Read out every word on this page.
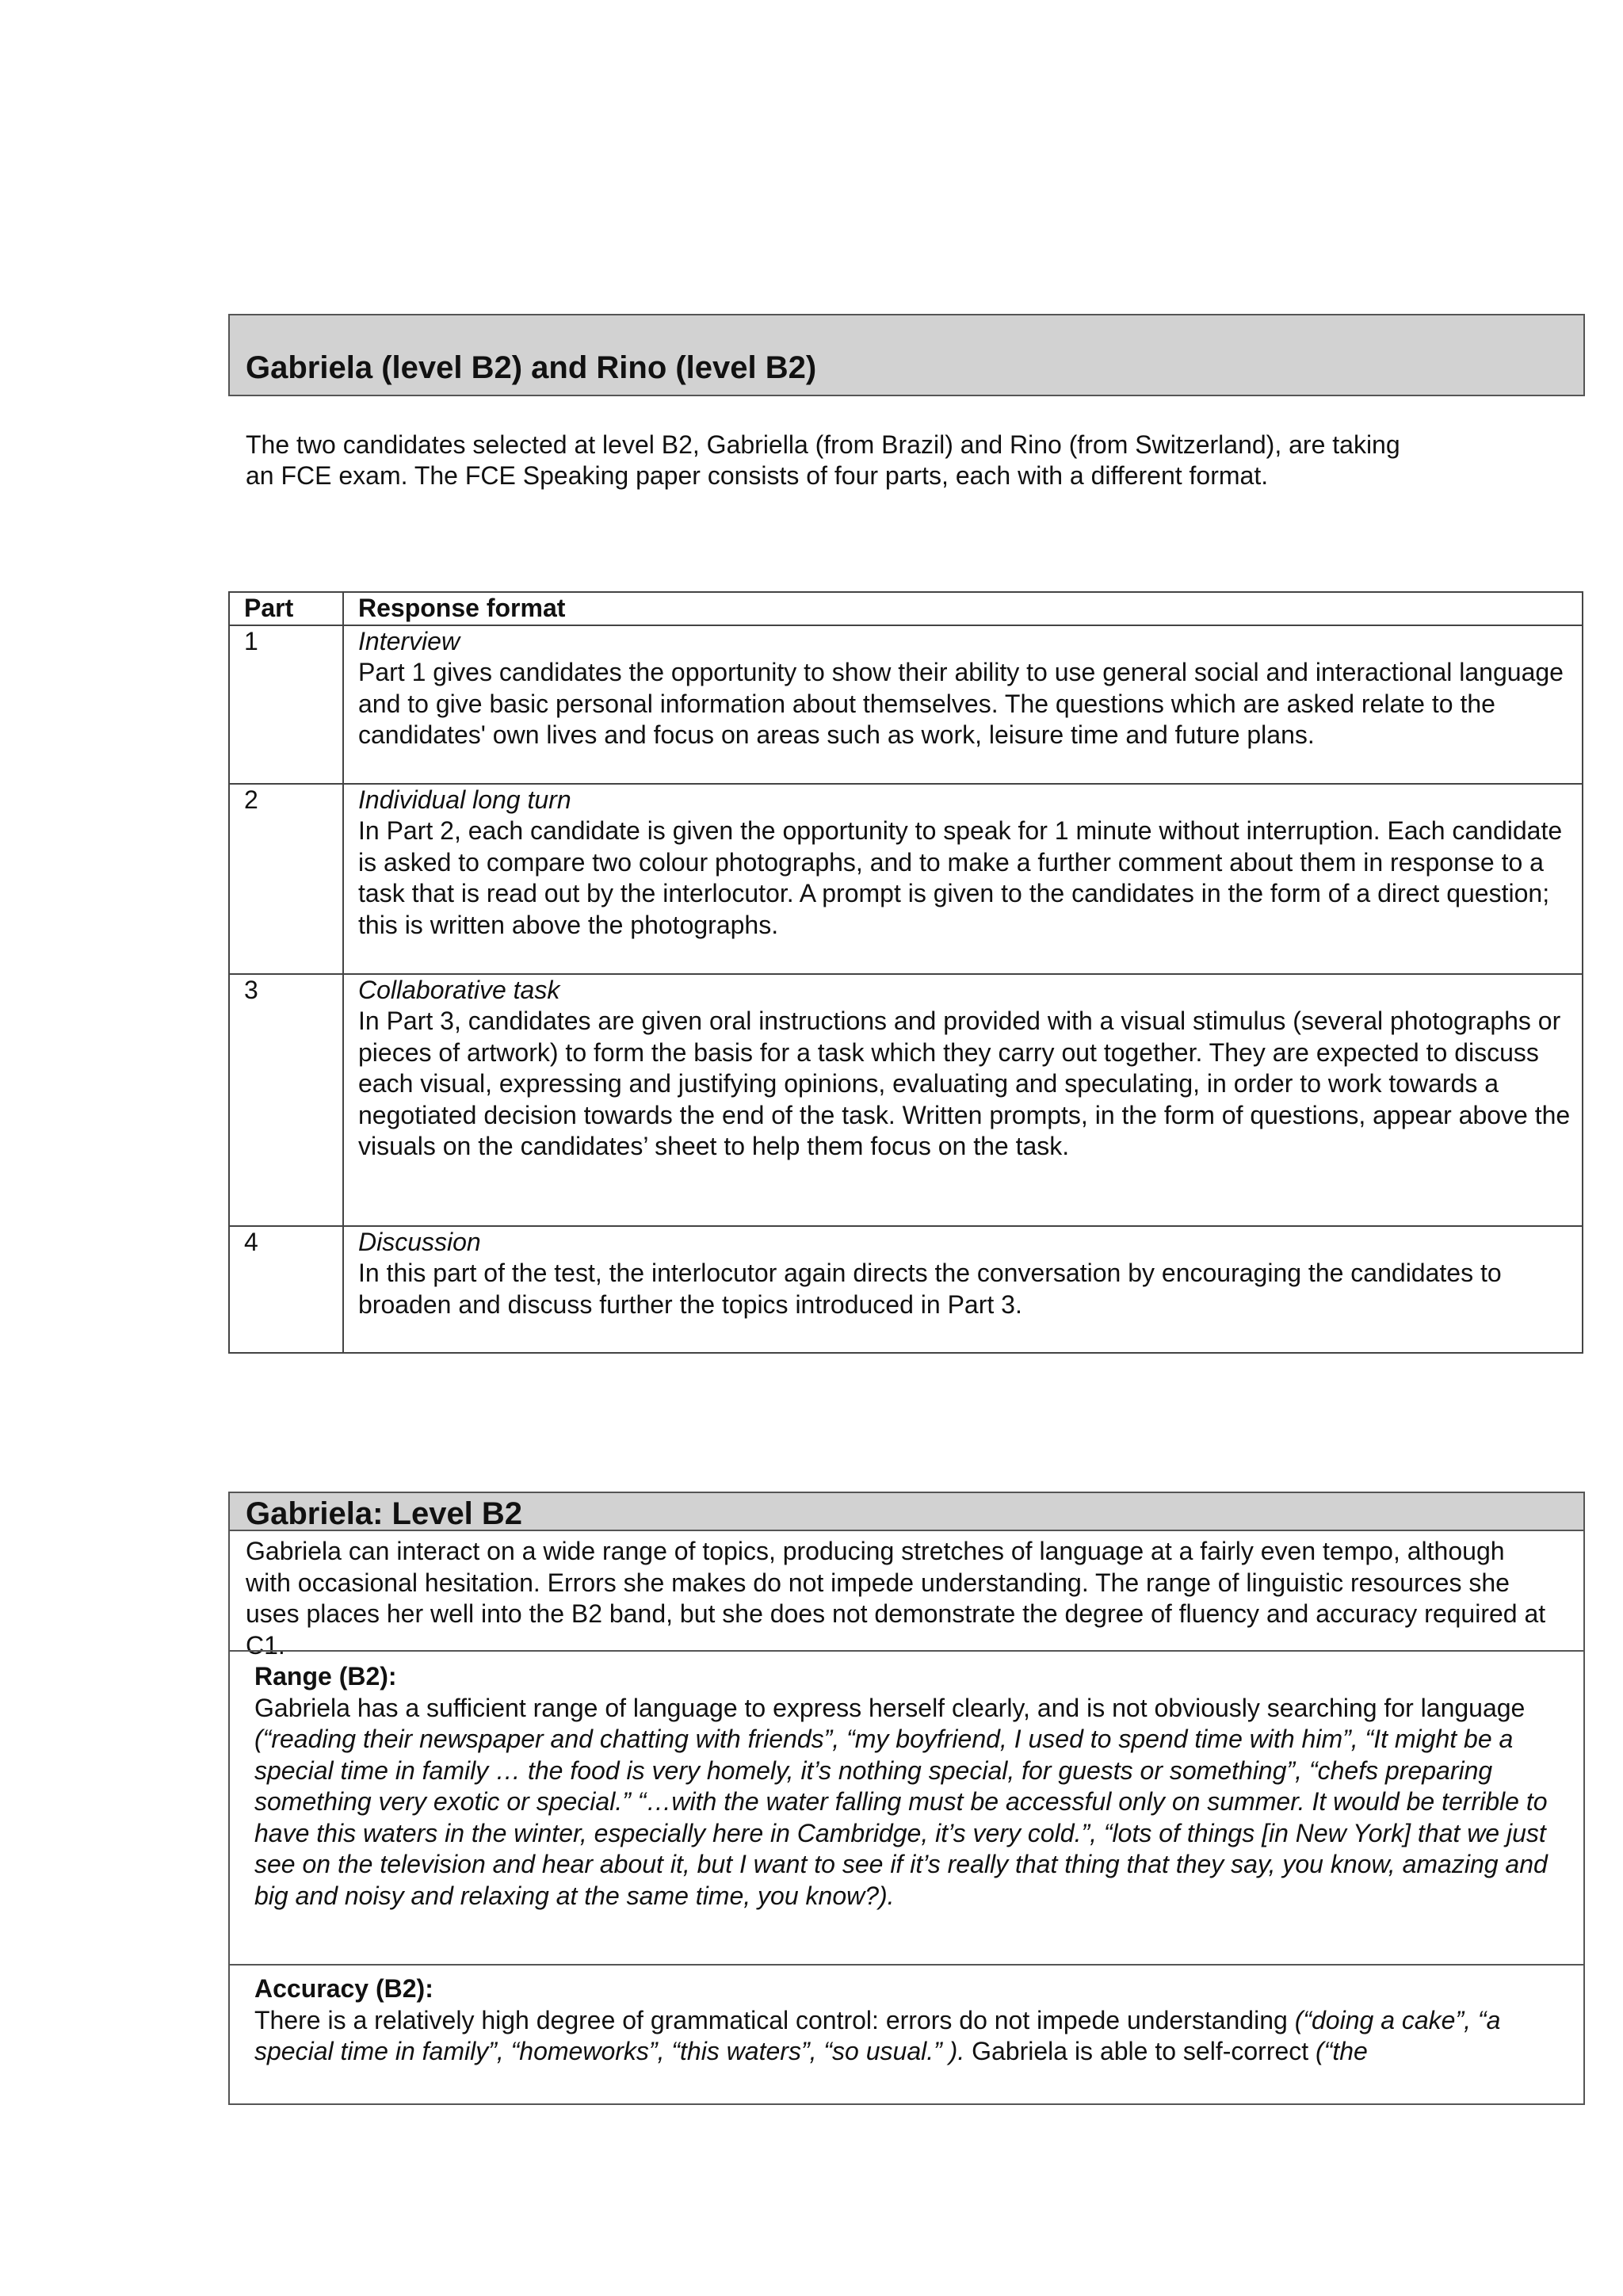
Gabriela (level B2) and Rino (level B2)

The two candidates selected at level B2, Gabriella (from Brazil) and Rino (from Switzerland), are taking an FCE exam. The FCE Speaking paper consists of four parts, each with a different format.

Part	Response format
1	Interview
Part 1 gives candidates the opportunity to show their ability to use general social and interactional language and to give basic personal information about themselves. The questions which are asked relate to the candidates' own lives and focus on areas such as work, leisure time and future plans.
2	Individual long turn
In Part 2, each candidate is given the opportunity to speak for 1 minute without interruption. Each candidate is asked to compare two colour photographs, and to make a further comment about them in response to a task that is read out by the interlocutor. A prompt is given to the candidates in the form of a direct question; this is written above the photographs.
3	Collaborative task
In Part 3, candidates are given oral instructions and provided with a visual stimulus (several photographs or pieces of artwork) to form the basis for a task which they carry out together. They are expected to discuss each visual, expressing and justifying opinions, evaluating and speculating, in order to work towards a negotiated decision towards the end of the task. Written prompts, in the form of questions, appear above the visuals on the candidates’ sheet to help them focus on the task.
4	Discussion
In this part of the test, the interlocutor again directs the conversation by encouraging the candidates to broaden and discuss further the topics introduced in Part 3.
Gabriela: Level B2

Gabriela can interact on a wide range of topics, producing stretches of language at a fairly even tempo, although with occasional hesitation. Errors she makes do not impede understanding. The range of linguistic resources she uses places her well into the B2 band, but she does not demonstrate the degree of fluency and accuracy required at C1.

Range (B2):

Gabriela has a sufficient range of language to express herself clearly, and is not obviously searching for language (“reading their newspaper and chatting with friends”, “my boyfriend, I used to spend time with him”, “It might be a special time in family … the food is very homely, it’s nothing special, for guests or something”, “chefs preparing something very exotic or special.” “…with the water falling must be accessful only on summer. It would be terrible to have this waters in the winter, especially here in Cambridge, it’s very cold.”, “lots of things [in New York] that we just see on the television and hear about it, but I want to see if it’s really that thing that they say, you know, amazing and big and noisy and relaxing at the same time, you know?).

Accuracy (B2):

There is a relatively high degree of grammatical control: errors do not impede understanding (“doing a cake”, “a special time in family”, “homeworks”, “this waters”, “so usual.” ). Gabriela is able to self-correct (“the
